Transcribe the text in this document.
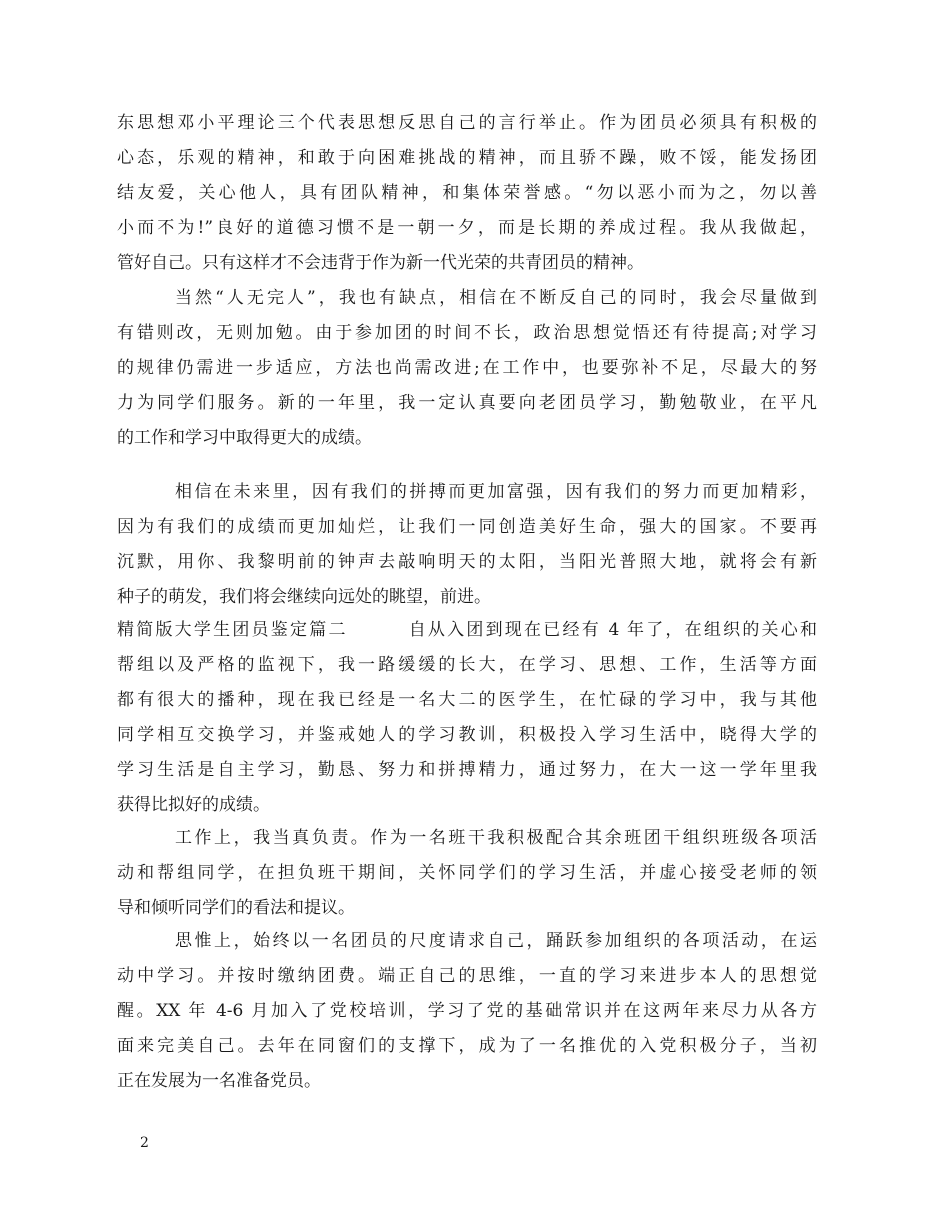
东思想邓小平理论三个代表思想反思自己的言行举止。作为团员必须具有积极的
心态，乐观的精神，和敢于向困难挑战的精神，而且骄不躁，败不馁，能发扬团
结友爱，关心他人，具有团队精神，和集体荣誉感。“勿以恶小而为之，勿以善
小而不为!”良好的道德习惯不是一朝一夕，而是长期的养成过程。我从我做起，
管好自己。只有这样才不会违背于作为新一代光荣的共青团员的精神。
当然“人无完人”，我也有缺点，相信在不断反自己的同时，我会尽量做到
有错则改，无则加勉。由于参加团的时间不长，政治思想觉悟还有待提高;对学习
的规律仍需进一步适应，方法也尚需改进;在工作中，也要弥补不足，尽最大的努
力为同学们服务。新的一年里，我一定认真要向老团员学习，勤勉敬业，在平凡
的工作和学习中取得更大的成绩。
相信在未来里，因有我们的拼搏而更加富强，因有我们的努力而更加精彩，
因为有我们的成绩而更加灿烂，让我们一同创造美好生命，强大的国家。不要再
沉默，用你、我黎明前的钟声去敲响明天的太阳，当阳光普照大地，就将会有新
种子的萌发，我们将会继续向远处的眺望，前进。
精简版大学生团员鉴定篇二        自从入团到现在已经有 4 年了，在组织的关心和
帮组以及严格的监视下，我一路缓缓的长大，在学习、思想、工作，生活等方面
都有很大的播种，现在我已经是一名大二的医学生，在忙碌的学习中，我与其他
同学相互交换学习，并鉴戒她人的学习教训，积极投入学习生活中，晓得大学的
学习生活是自主学习，勤恳、努力和拼搏精力，通过努力，在大一这一学年里我
获得比拟好的成绩。
工作上，我当真负责。作为一名班干我积极配合其余班团干组织班级各项活
动和帮组同学，在担负班干期间，关怀同学们的学习生活，并虚心接受老师的领
导和倾听同学们的看法和提议。
思惟上，始终以一名团员的尺度请求自己，踊跃参加组织的各项活动，在运
动中学习。并按时缴纳团费。端正自己的思维，一直的学习来进步本人的思想觉
醒。XX 年 4-6 月加入了党校培训，学习了党的基础常识并在这两年来尽力从各方
面来完美自己。去年在同窗们的支撑下，成为了一名推优的入党积极分子，当初
正在发展为一名准备党员。
2
